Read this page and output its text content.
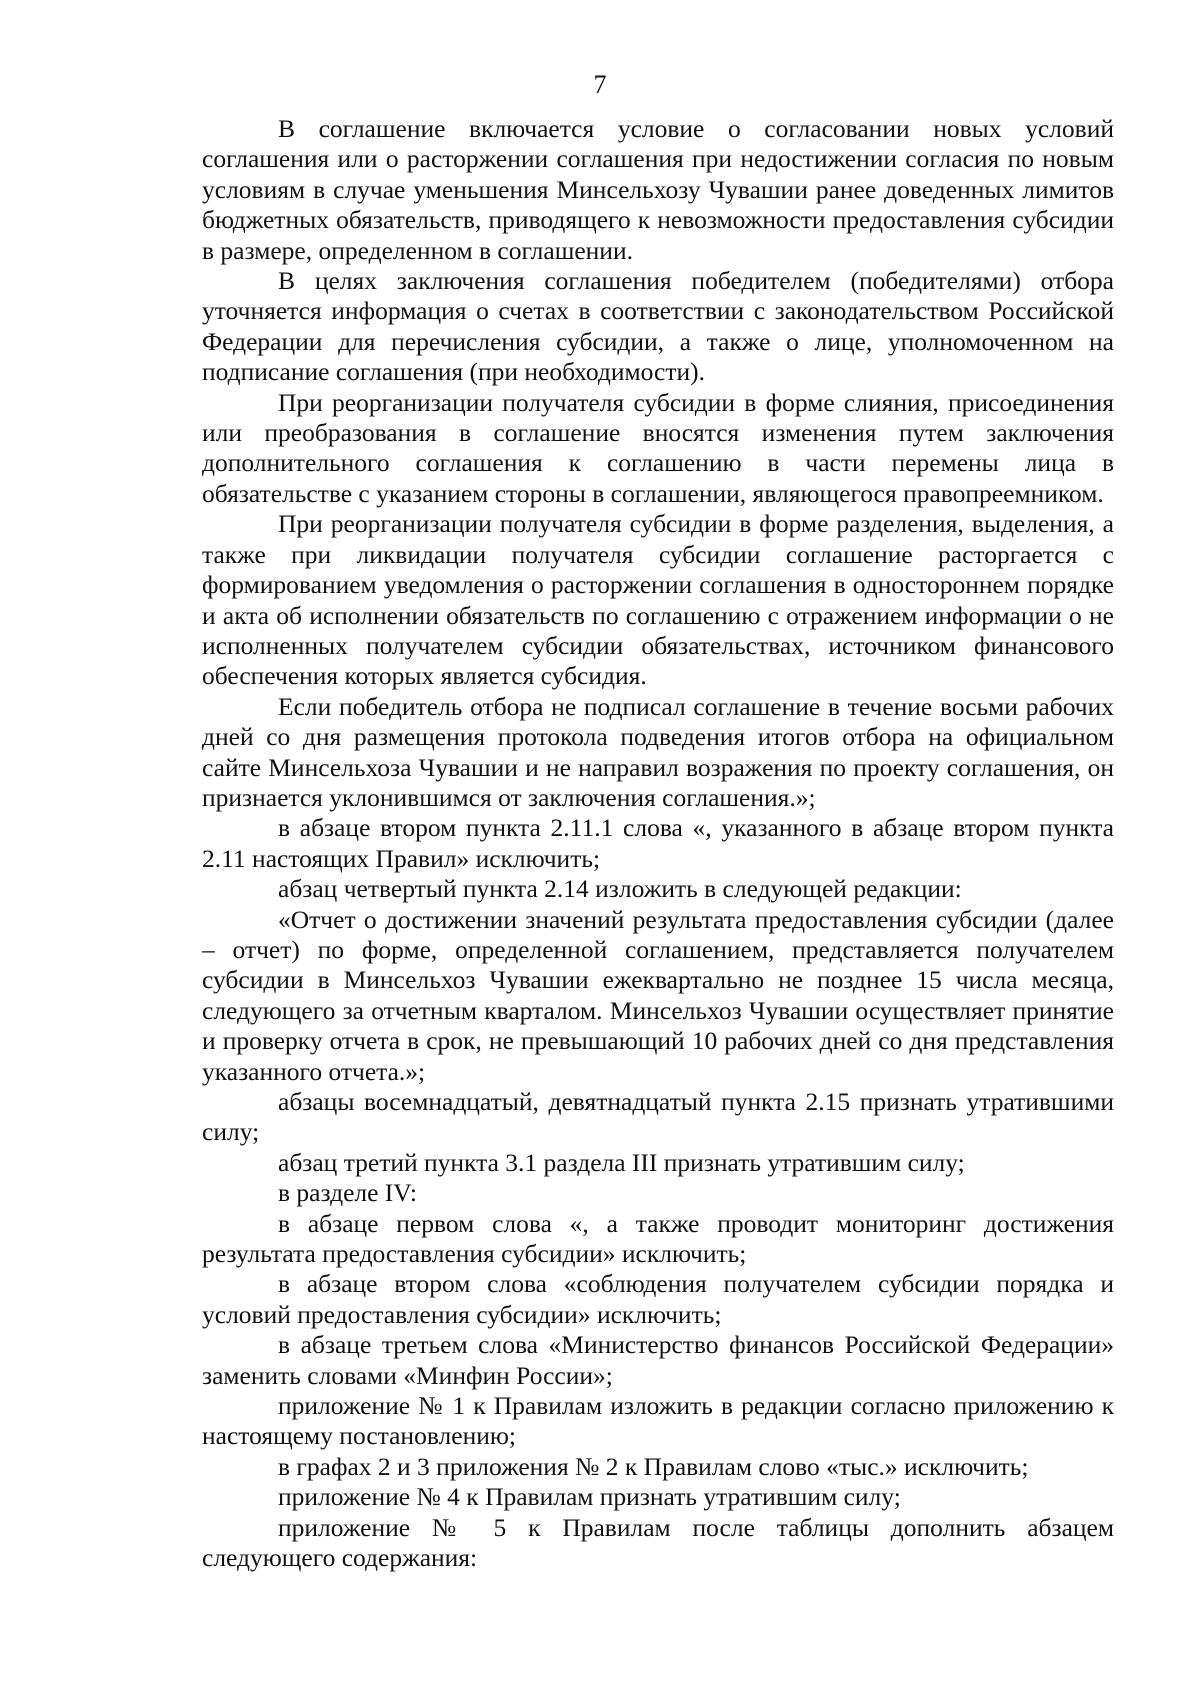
7

В соглашение включается условие о согласовании новых условий соглашения или о расторжении соглашения при недостижении согласия по новым условиям в случае уменьшения Минсельхозу Чувашии ранее доведенных лимитов бюджетных обязательств, приводящего к невозможности предоставления субсидии в размере, определенном в соглашении.

В целях заключения соглашения победителем (победителями) отбора уточняется информация о счетах в соответствии с законодательством Российской Федерации для перечисления субсидии, а также о лице, уполномоченном на подписание соглашения (при необходимости).

При реорганизации получателя субсидии в форме слияния, присоединения или преобразования в соглашение вносятся изменения путем заключения дополнительного соглашения к соглашению в части перемены лица в обязательстве с указанием стороны в соглашении, являющегося правопреемником.

При реорганизации получателя субсидии в форме разделения, выделения, а также при ликвидации получателя субсидии соглашение расторгается с формированием уведомления о расторжении соглашения в одностороннем порядке и акта об исполнении обязательств по соглашению с отражением информации о не исполненных получателем субсидии обязательствах, источником финансового обеспечения которых является субсидия.

Если победитель отбора не подписал соглашение в течение восьми рабочих дней со дня размещения протокола подведения итогов отбора на официальном сайте Минсельхоза Чувашии и не направил возражения по проекту соглашения, он признается уклонившимся от заключения соглашения.»;

в абзаце втором пункта 2.11.1 слова «, указанного в абзаце втором пункта 2.11 настоящих Правил» исключить;

абзац четвертый пункта 2.14 изложить в следующей редакции:

«Отчет о достижении значений результата предоставления субсидии (далее – отчет) по форме, определенной соглашением, представляется получателем субсидии в Минсельхоз Чувашии ежеквартально не позднее 15 числа месяца, следующего за отчетным кварталом. Минсельхоз Чувашии осуществляет принятие и проверку отчета в срок, не превышающий 10 рабочих дней со дня представления указанного отчета.»;

абзацы восемнадцатый, девятнадцатый пункта 2.15 признать утратившими силу;

абзац третий пункта 3.1 раздела III признать утратившим силу;

в разделе IV:

в абзаце первом слова «, а также проводит мониторинг достижения результата предоставления субсидии» исключить;

в абзаце втором слова «соблюдения получателем субсидии порядка и условий предоставления субсидии» исключить;

в абзаце третьем слова «Министерство финансов Российской Федерации» заменить словами «Минфин России»;

приложение № 1 к Правилам изложить в редакции согласно приложению к настоящему постановлению;

в графах 2 и 3 приложения № 2 к Правилам слово «тыс.» исключить;

приложение № 4 к Правилам признать утратившим силу;

приложение № 5 к Правилам после таблицы дополнить абзацем следующего содержания:
